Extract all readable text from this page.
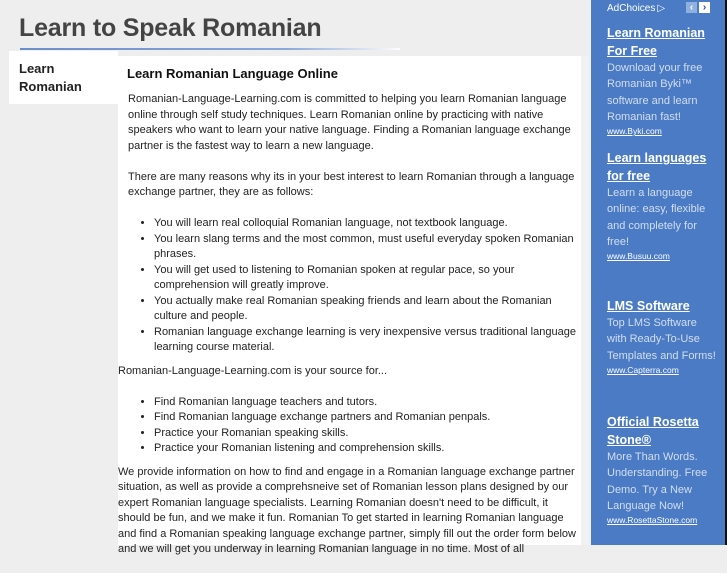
Learn to Speak Romanian
Learn Romanian
Learn Romanian Language Online

Romanian-Language-Learning.com is committed to helping you learn Romanian language online through self study techniques. Learn Romanian online by practicing with native speakers who want to learn your native language. Finding a Romanian language exchange partner is the fastest way to learn a new language.

There are many reasons why its in your best interest to learn Romanian through a language exchange partner, they are as follows:

• You will learn real colloquial Romanian language, not textbook language.
• You learn slang terms and the most common, must useful everyday spoken Romanian phrases.
• You will get used to listening to Romanian spoken at regular pace, so your comprehension will greatly improve.
• You actually make real Romanian speaking friends and learn about the Romanian culture and people.
• Romanian language exchange learning is very inexpensive versus traditional language learning course material.

Romanian-Language-Learning.com is your source for...

• Find Romanian language teachers and tutors.
• Find Romanian language exchange partners and Romanian penpals.
• Practice your Romanian speaking skills.
• Practice your Romanian listening and comprehension skills.

We provide information on how to find and engage in a Romanian language exchange partner situation, as well as provide a comprehsneive set of Romanian lesson plans designed by our expert Romanian language specialists. Learning Romanian doesn't need to be difficult, it should be fun, and we make it fun. Romanian To get started in learning Romanian language and find a Romanian speaking language exchange partner, simply fill out the order form below and we will get you underway in learning Romanian language in no time. Most of all

AdChoices ▷	‹ ›
Learn Romanian For Free

Download your free Romanian Byki™ software and learn Romanian fast!

www.Byki.com
Learn languages for free

Learn a language online: easy, flexible and completely for free!

www.Busuu.com
LMS Software

Top LMS Software with Ready-To-Use Templates and Forms!

www.Capterra.com
Official Rosetta Stone®

More Than Words. Understanding. Free Demo. Try a New Language Now!

www.RosettaStone.com
